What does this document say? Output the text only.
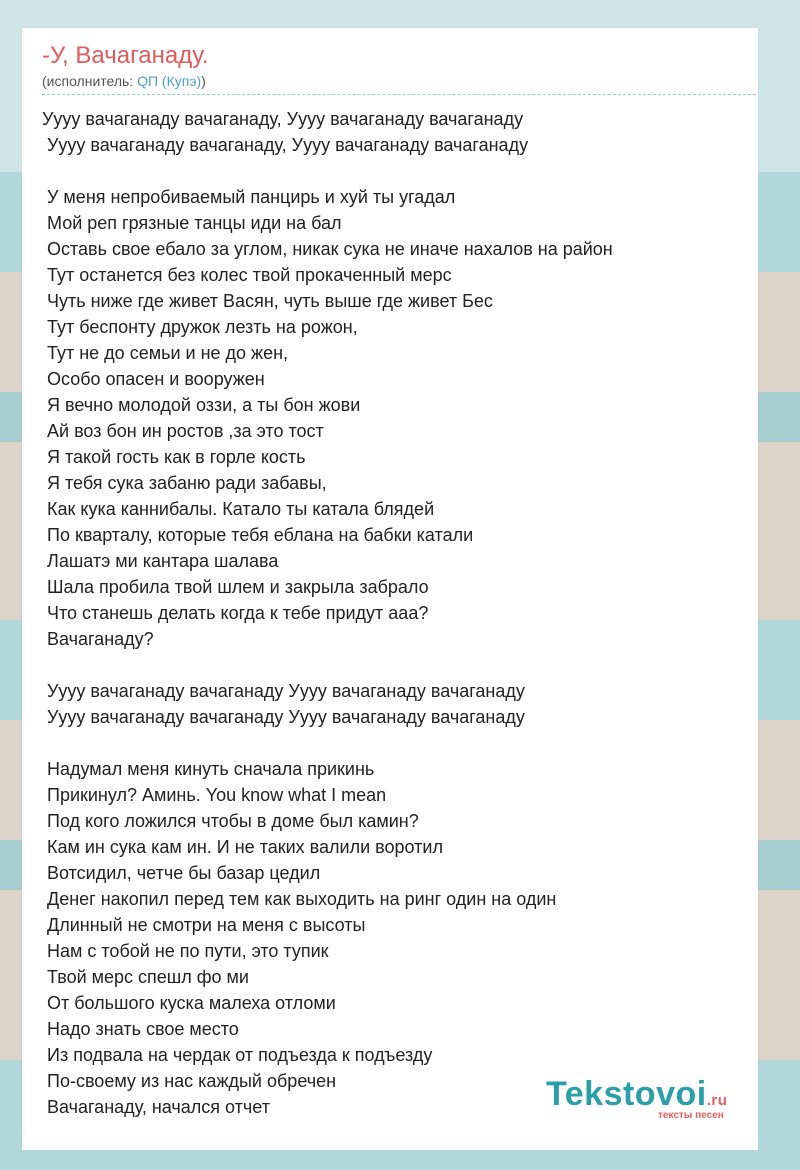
-У, Вачаганаду.
(исполнитель: QП (Купэ))
Уууу вачаганаду вачаганаду, Уууу вачаганаду вачаганаду
Уууу вачаганаду вачаганаду, Уууу вачаганаду вачаганаду
У меня непробиваемый панцирь и хуй ты угадал
Мой реп грязные танцы иди на бал
Оставь свое ебало за углом, никак сука не иначе нахалов на район
Тут останется без колес твой прокаченный мерс
Чуть ниже где живет Васян, чуть выше где живет Бес
Тут беспонту дружок лезть на рожон,
Тут не до семьи и не до жен,
Особо опасен и вооружен
Я вечно молодой оззи, а ты бон жови
Ай воз бон ин ростов ,за это тост
Я такой гость как в горле кость
Я тебя сука забаню ради забавы,
Как кука каннибалы. Катало ты катала блядей
По кварталу, которые тебя еблана на бабки катали
Лашатэ ми кантара шалава
Шала пробила твой шлем и закрыла забрало
Что станешь делать когда к тебе придут ааа?
Вачаганаду?
Уууу вачаганаду вачаганаду Уууу вачаганаду вачаганаду
Уууу вачаганаду вачаганаду Уууу вачаганаду вачаганаду
Надумал меня кинуть сначала прикинь
Прикинул? Аминь. You know what I mean
Под кого ложился чтобы в доме был камин?
Кам ин сука кам ин. И не таких валили воротил
Вотсидил, четче бы базар цедил
Денег накопил перед тем как выходить на ринг один на один
Длинный не смотри на меня с высоты
Нам с тобой не по пути, это тупик
Твой мерс спешл фо ми
От большого куска малеха отломи
Надо знать свое место
Из подвала на чердак от подъезда к подъезду
По-своему из нас каждый обречен
Вачаганаду, начался отчет	Tekstovoi.ru
тексты песен
